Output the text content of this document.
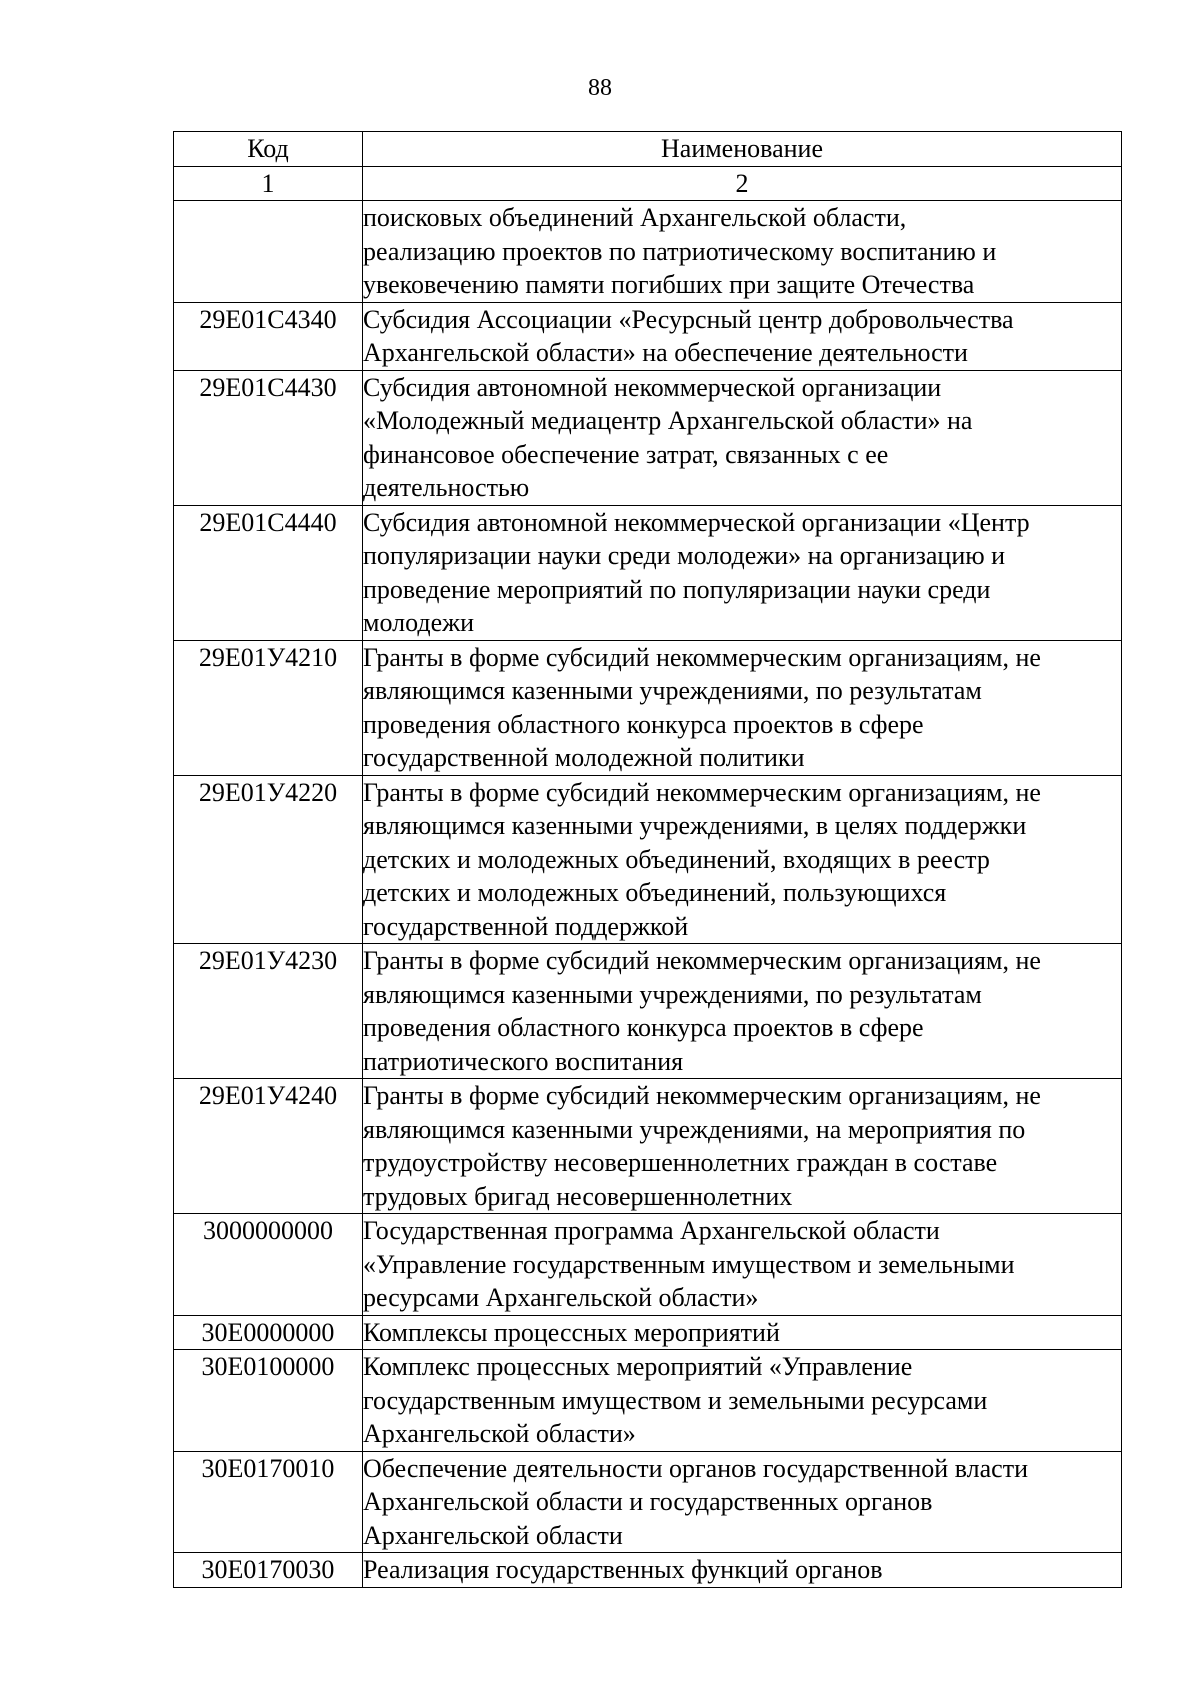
88
Код	Наименование
1	2

	поисковых объединений Архангельской области,
реализацию проектов по патриотическому воспитанию и
увековечению памяти погибших при защите Отечества

29Е01С4340	Субсидия Ассоциации «Ресурсный центр добровольчества
Архангельской области» на обеспечение деятельности

29Е01С4430	Субсидия автономной некоммерческой организации
«Молодежный медиацентр Архангельской области» на
финансовое обеспечение затрат, связанных с ее
деятельностью

29Е01С4440	Субсидия автономной некоммерческой организации «Центр
популяризации науки среди молодежи» на организацию и
проведение мероприятий по популяризации науки среди
молодежи

29Е01У4210	Гранты в форме субсидий некоммерческим организациям, не
являющимся казенными учреждениями, по результатам
проведения областного конкурса проектов в сфере
государственной молодежной политики

29Е01У4220	Гранты в форме субсидий некоммерческим организациям, не
являющимся казенными учреждениями, в целях поддержки
детских и молодежных объединений, входящих в реестр
детских и молодежных объединений, пользующихся
государственной поддержкой

29Е01У4230	Гранты в форме субсидий некоммерческим организациям, не
являющимся казенными учреждениями, по результатам
проведения областного конкурса проектов в сфере
патриотического воспитания

29Е01У4240	Гранты в форме субсидий некоммерческим организациям, не
являющимся казенными учреждениями, на мероприятия по
трудоустройству несовершеннолетних граждан в составе
трудовых бригад несовершеннолетних

3000000000	Государственная программа Архангельской области
«Управление государственным имуществом и земельными
ресурсами Архангельской области»

30Е0000000	Комплексы процессных мероприятий

30Е0100000	Комплекс процессных мероприятий «Управление
государственным имуществом и земельными ресурсами
Архангельской области»

30Е0170010	Обеспечение деятельности органов государственной власти
Архангельской области и государственных органов
Архангельской области

30Е0170030	Реализация государственных функций органов
